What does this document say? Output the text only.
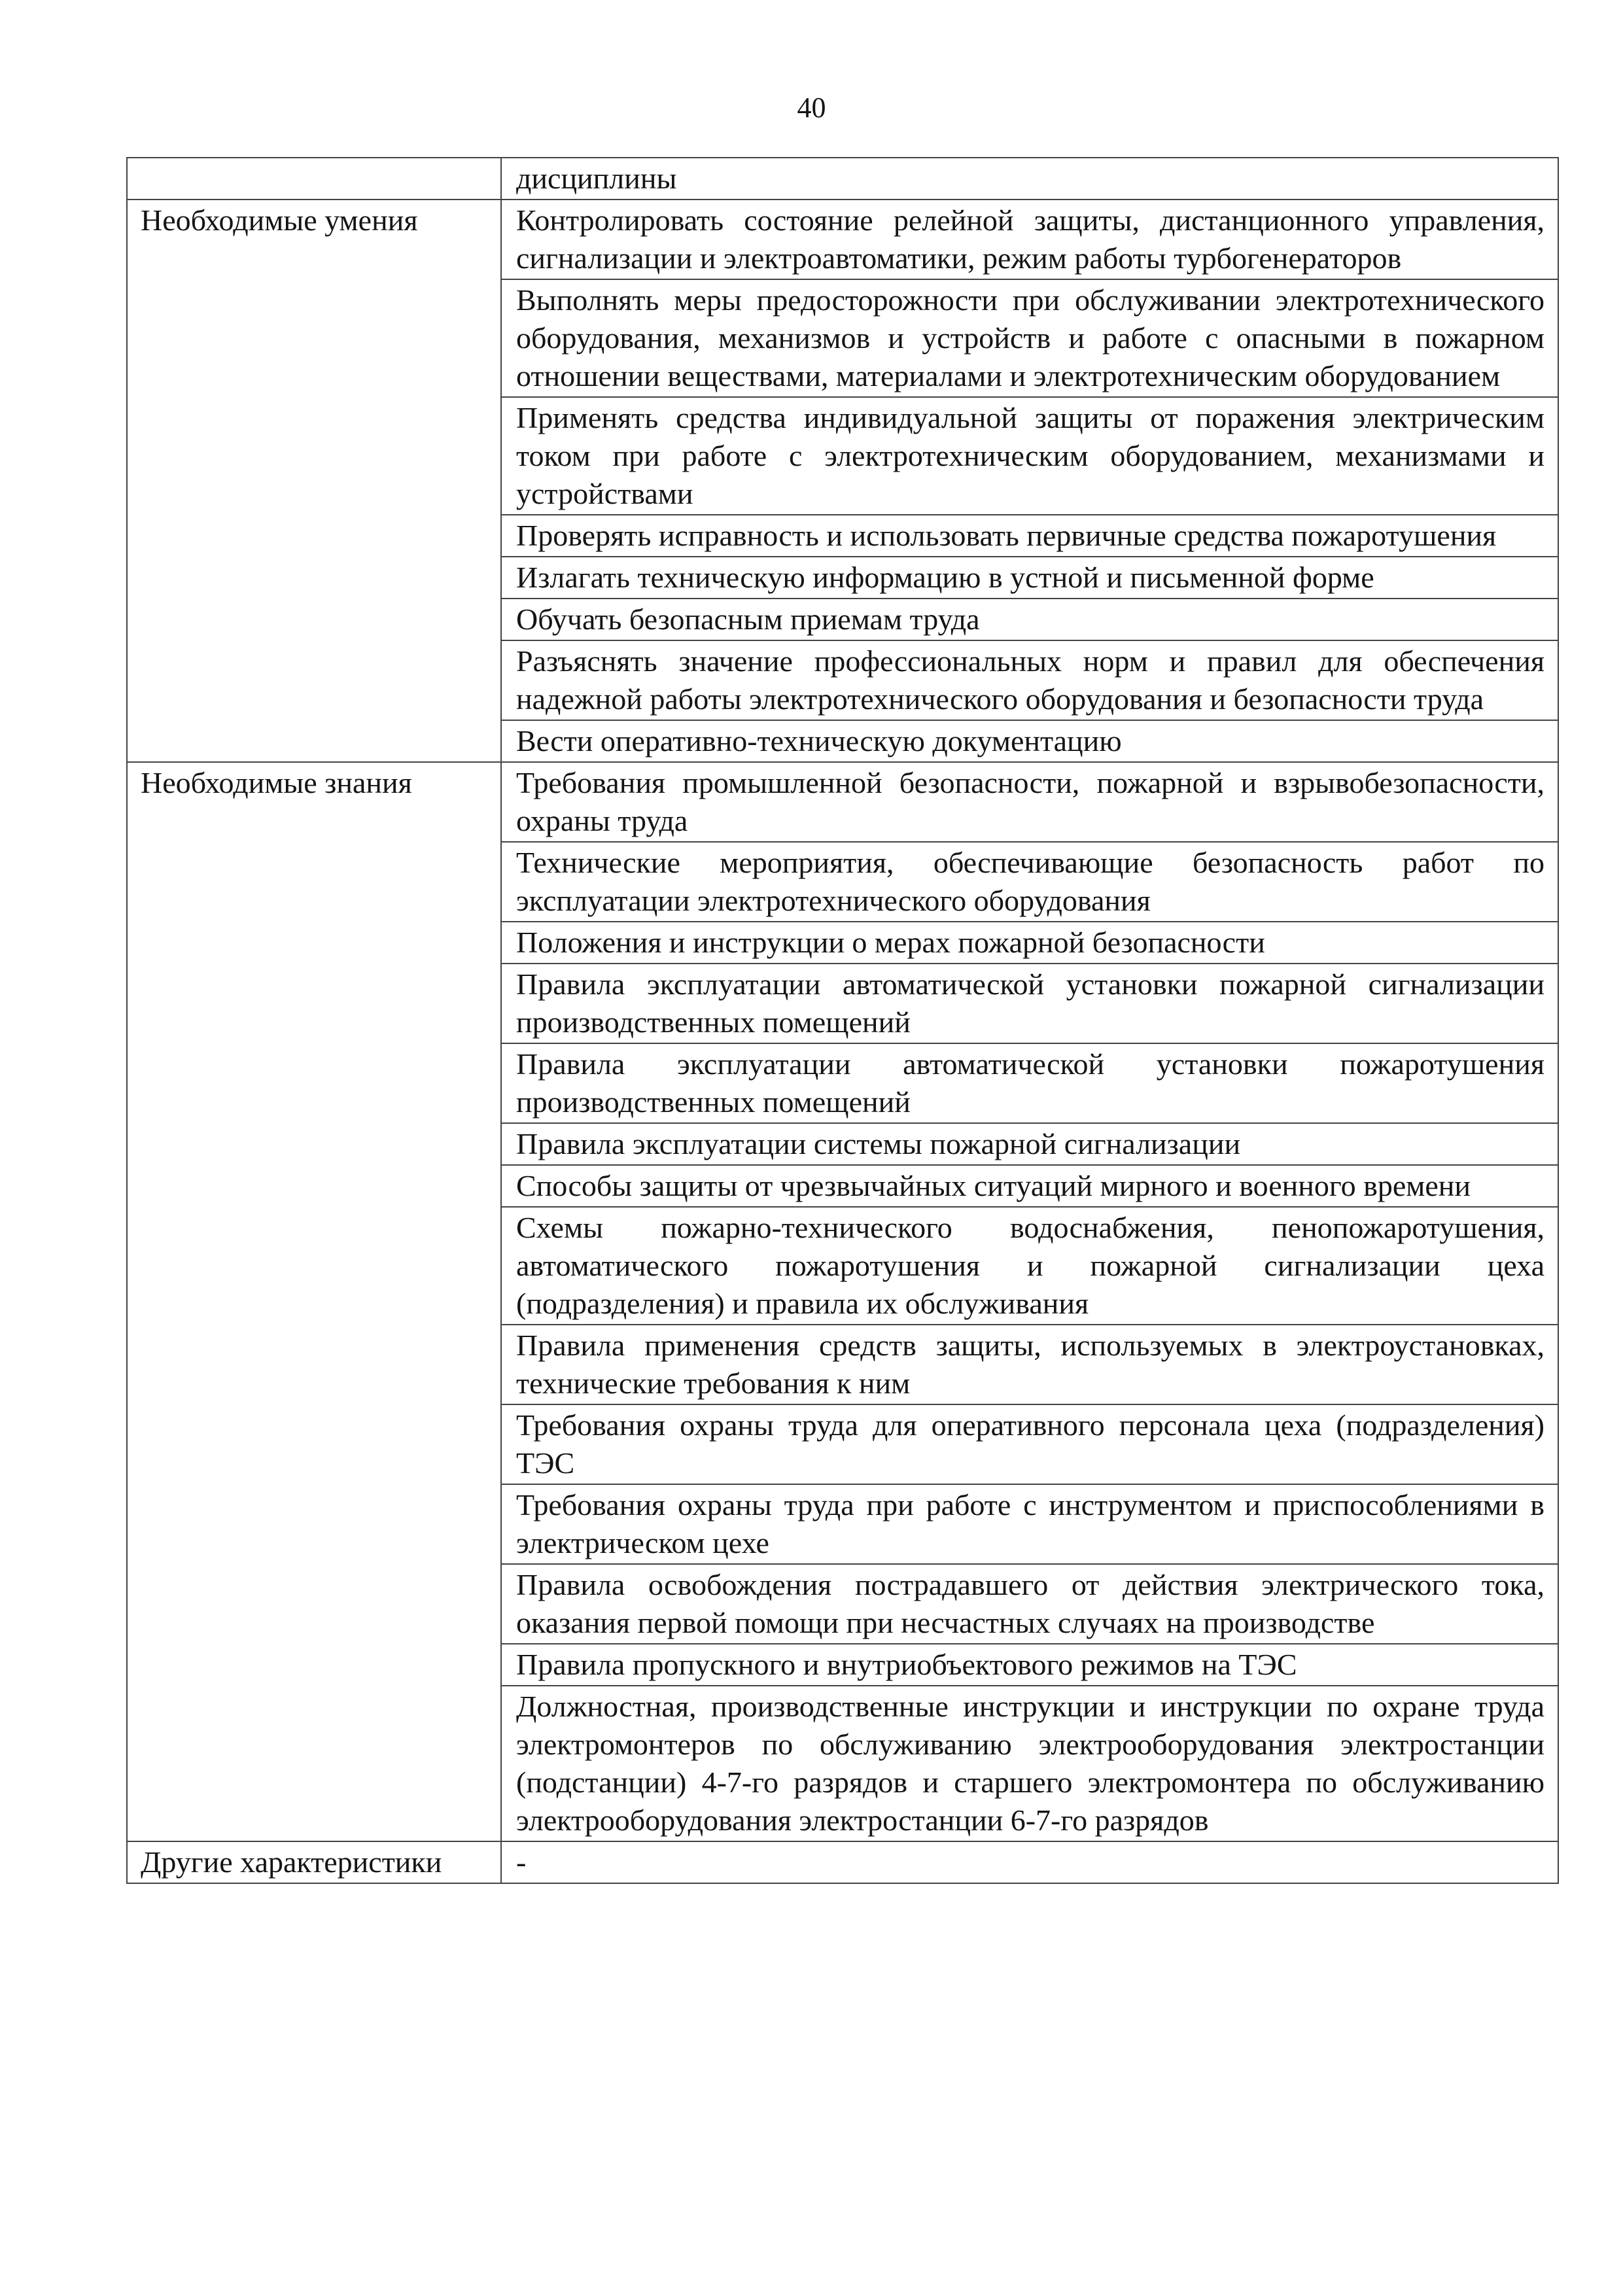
40
	дисциплины
Необходимые умения	Контролировать состояние релейной защиты, дистанционного управления, сигнализации и электроавтоматики, режим работы турбогенераторов
	Выполнять меры предосторожности при обслуживании электротехнического оборудования, механизмов и устройств и работе с опасными в пожарном отношении веществами, материалами и электротехническим оборудованием
	Применять средства индивидуальной защиты от поражения электрическим током при работе с электротехническим оборудованием, механизмами и устройствами
	Проверять исправность и использовать первичные средства пожаротушения
	Излагать техническую информацию в устной и письменной форме
	Обучать безопасным приемам труда
	Разъяснять значение профессиональных норм и правил для обеспечения надежной работы электротехнического оборудования и безопасности труда
	Вести оперативно-техническую документацию
Необходимые знания	Требования промышленной безопасности, пожарной и взрывобезопасности, охраны труда
	Технические мероприятия, обеспечивающие безопасность работ по эксплуатации электротехнического оборудования
	Положения и инструкции о мерах пожарной безопасности
	Правила эксплуатации автоматической установки пожарной сигнализации производственных помещений
	Правила эксплуатации автоматической установки пожаротушения производственных помещений
	Правила эксплуатации системы пожарной сигнализации
	Способы защиты от чрезвычайных ситуаций мирного и военного времени
	Схемы пожарно-технического водоснабжения, пенопожаротушения, автоматического пожаротушения и пожарной сигнализации цеха (подразделения) и правила их обслуживания
	Правила применения средств защиты, используемых в электроустановках, технические требования к ним
	Требования охраны труда для оперативного персонала цеха (подразделения) ТЭС
	Требования охраны труда при работе с инструментом и приспособлениями в электрическом цехе
	Правила освобождения пострадавшего от действия электрического тока, оказания первой помощи при несчастных случаях на производстве
	Правила пропускного и внутриобъектового режимов на ТЭС
	Должностная, производственные инструкции и инструкции по охране труда электромонтеров по обслуживанию электрооборудования электростанции (подстанции) 4-7-го разрядов и старшего электромонтера по обслуживанию электрооборудования электростанции 6-7-го разрядов
Другие характеристики	-
